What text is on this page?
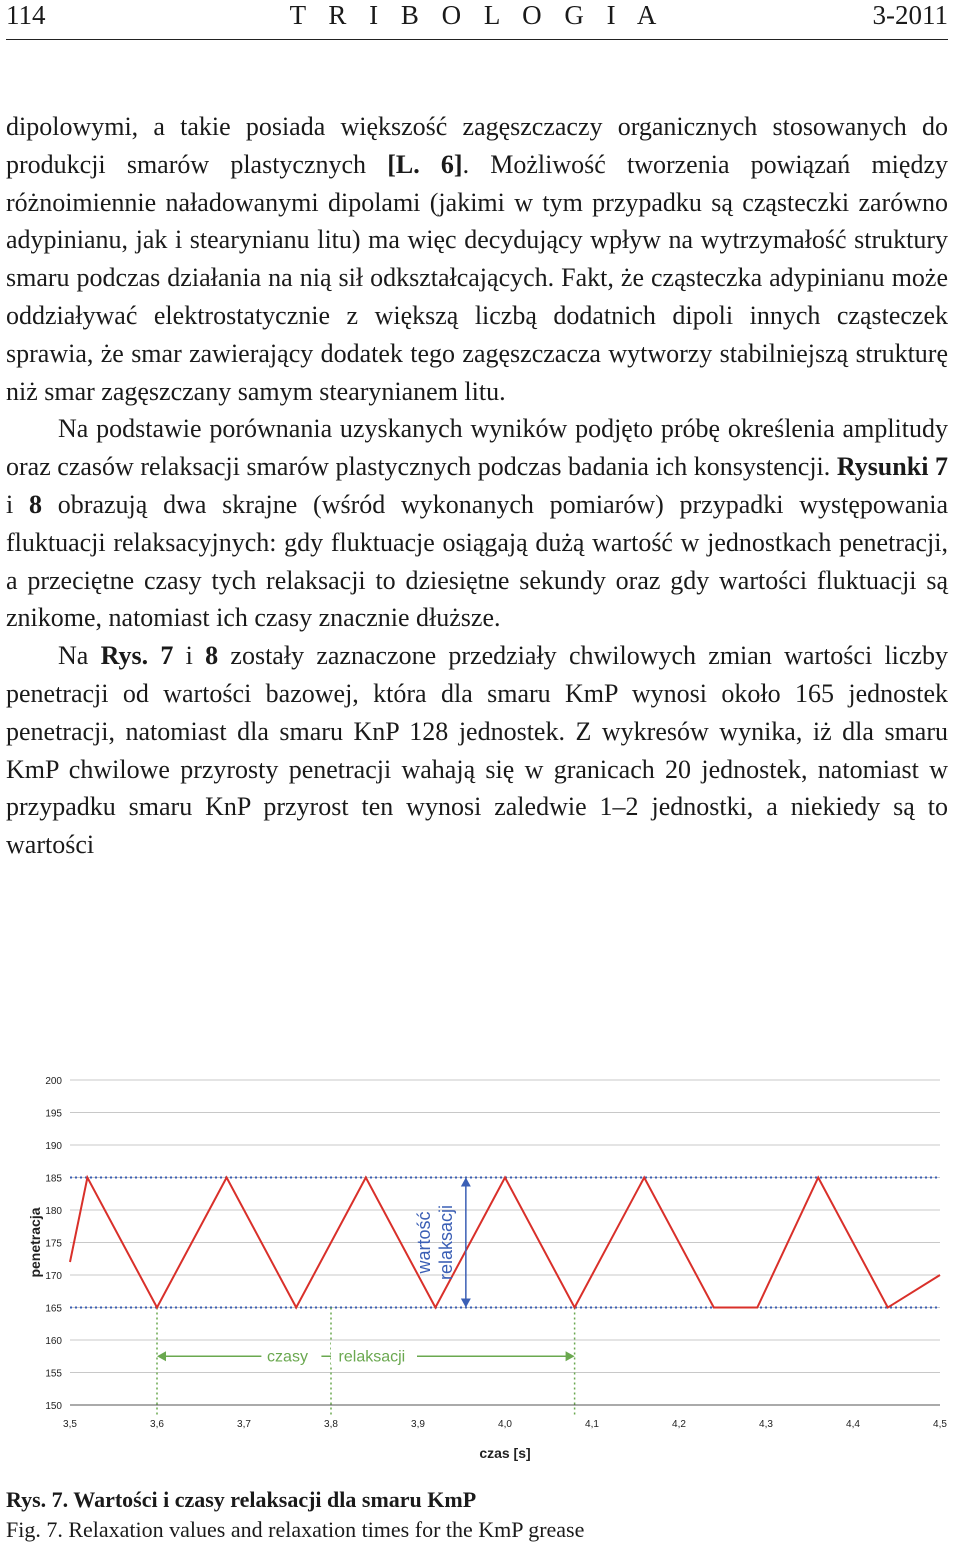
114	T R I B O L O G I A	3-2011

dipolowymi, a takie posiada większość zagęszczaczy organicznych stosowanych do produkcji smarów plastycznych [L. 6]. Możliwość tworzenia powiązań między różnoimiennie naładowanymi dipolami (jakimi w tym przypadku są cząsteczki zarówno adypinianu, jak i stearynianu litu) ma więc decydujący wpływ na wytrzymałość struktury smaru podczas działania na nią sił odkształcających. Fakt, że cząsteczka adypinianu może oddziaływać elektrostatycznie z większą liczbą dodatnich dipoli innych cząsteczek sprawia, że smar zawierający dodatek tego zagęszczacza wytworzy stabilniejszą strukturę niż smar zagęszczany samym stearynianem litu.

Na podstawie porównania uzyskanych wyników podjęto próbę określenia amplitudy oraz czasów relaksacji smarów plastycznych podczas badania ich konsystencji. Rysunki 7 i 8 obrazują dwa skrajne (wśród wykonanych pomiarów) przypadki występowania fluktuacji relaksacyjnych: gdy fluktuacje osiągają dużą wartość w jednostkach penetracji, a przeciętne czasy tych relaksacji to dziesiętne sekundy oraz gdy wartości fluktuacji są znikome, natomiast ich czasy znacznie dłuższe.

Na Rys. 7 i 8 zostały zaznaczone przedziały chwilowych zmian wartości liczby penetracji od wartości bazowej, która dla smaru KmP wynosi około 165 jednostek penetracji, natomiast dla smaru KnP 128 jednostek. Z wykresów wynika, iż dla smaru KmP chwilowe przyrosty penetracji wahają się w granicach 20 jednostek, natomiast w przypadku smaru KnP przyrost ten wynosi zaledwie 1–2 jednostki, a niekiedy są to wartości

200
195
190
185
180
175
170
165
160
155
150
3,5	3,6	3,7	3,8	3,9	4,0	4,1	4,2	4,3	4,4	4,5
czas [s]
penetracja	wartość relaksacji
czasy relaksacji
Rys. 7. Wartości i czasy relaksacji dla smaru KmP
Fig. 7. Relaxation values and relaxation times for the KmP grease
